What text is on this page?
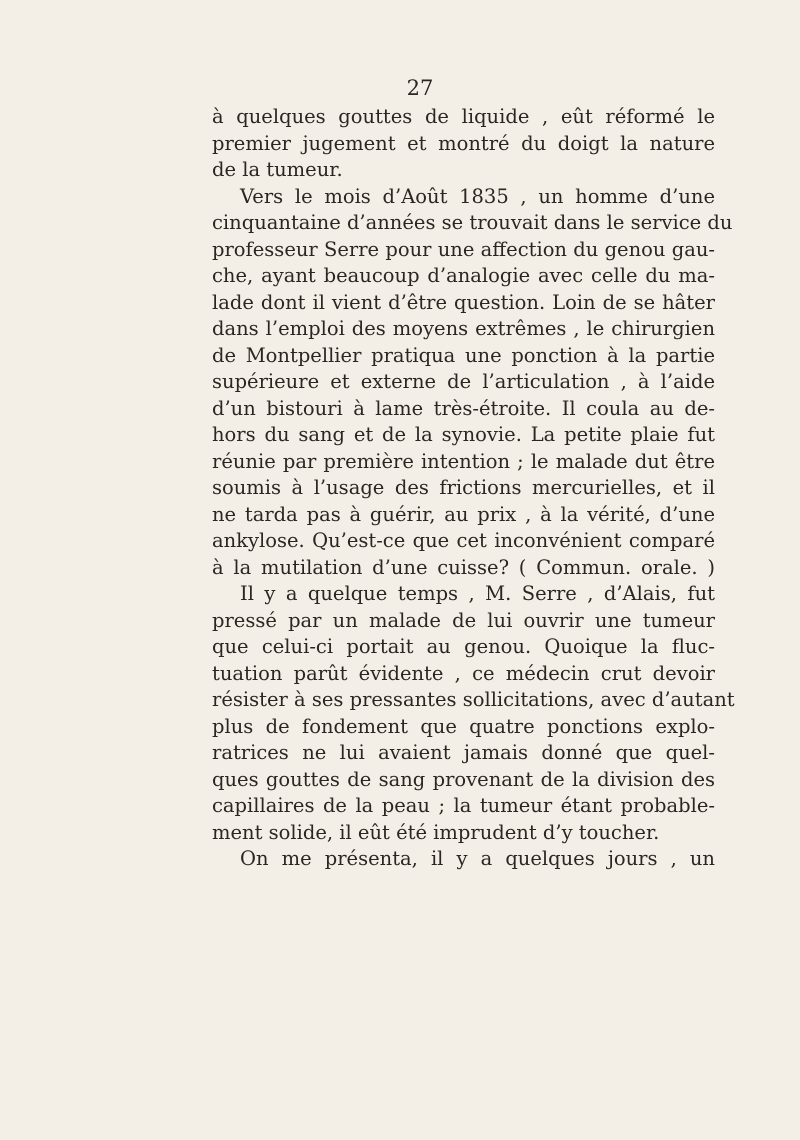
27
à quelques gouttes de liquide , eût réformé le
premier jugement et montré du doigt la nature
de la tumeur.
Vers le mois d’Août 1835 , un homme d’une
cinquantaine d’années se trouvait dans le service du
professeur Serre pour une affection du genou gau-
che, ayant beaucoup d’analogie avec celle du ma-
lade dont il vient d’être question. Loin de se hâter
dans l’emploi des moyens extrêmes , le chirurgien
de Montpellier pratiqua une ponction à la partie
supérieure et externe de l’articulation , à l’aide
d’un bistouri à lame très-étroite. Il coula au de-
hors du sang et de la synovie. La petite plaie fut
réunie par première intention ; le malade dut être
soumis à l’usage des frictions mercurielles, et il
ne tarda pas à guérir, au prix , à la vérité, d’une
ankylose. Qu’est-ce que cet inconvénient comparé
à la mutilation d’une cuisse? ( Commun. orale. )
Il y a quelque temps , M. Serre , d’Alais, fut
pressé par un malade de lui ouvrir une tumeur
que celui-ci portait au genou. Quoique la fluc-
tuation parût évidente , ce médecin crut devoir
résister à ses pressantes sollicitations, avec d’autant
plus de fondement que quatre ponctions explo-
ratrices ne lui avaient jamais donné que quel-
ques gouttes de sang provenant de la division des
capillaires de la peau ; la tumeur étant probable-
ment solide, il eût été imprudent d’y toucher.
On me présenta, il y a quelques jours , un
